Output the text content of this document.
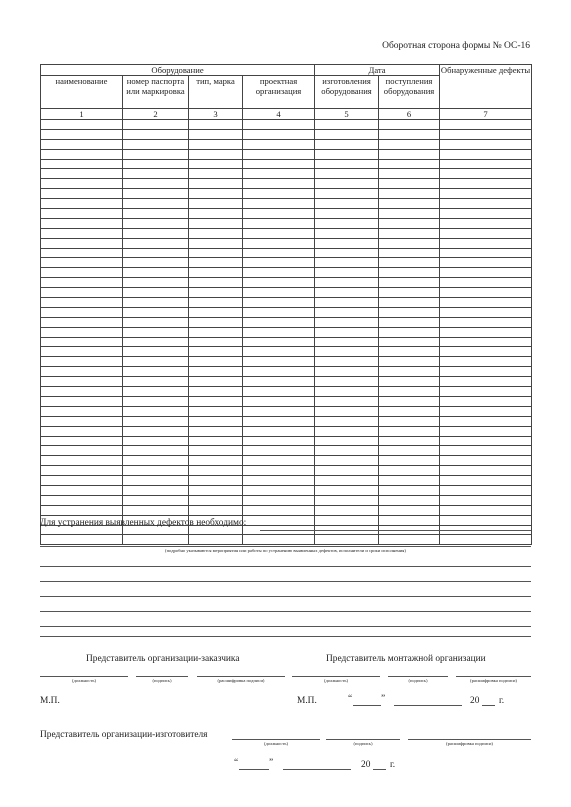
Оборотная сторона формы № ОС-16
Оборудование				Дата		Обнаруженные дефекты
наименование	номер паспорта или маркировка	тип, марка	проектная организация	изготовления оборудования	поступления оборудования	
1	2	3	4	5	6	7

Для устранения выявленных дефектов необходимо:
(подробно указываются мероприятия или работы по устранению выявленных дефектов, исполнители и сроки исполнения)
Представитель организации-заказчика	Представитель монтажной организации
(должность)	(подпись)	(расшифровка подписи)	(должность)	(подпись)	(расшифровка подписи)
М.П.	М.П.	“	”	20 г.
Представитель организации-изготовителя
(должность)	(подпись)	(расшифровка подписи)
“	”	20 г.
